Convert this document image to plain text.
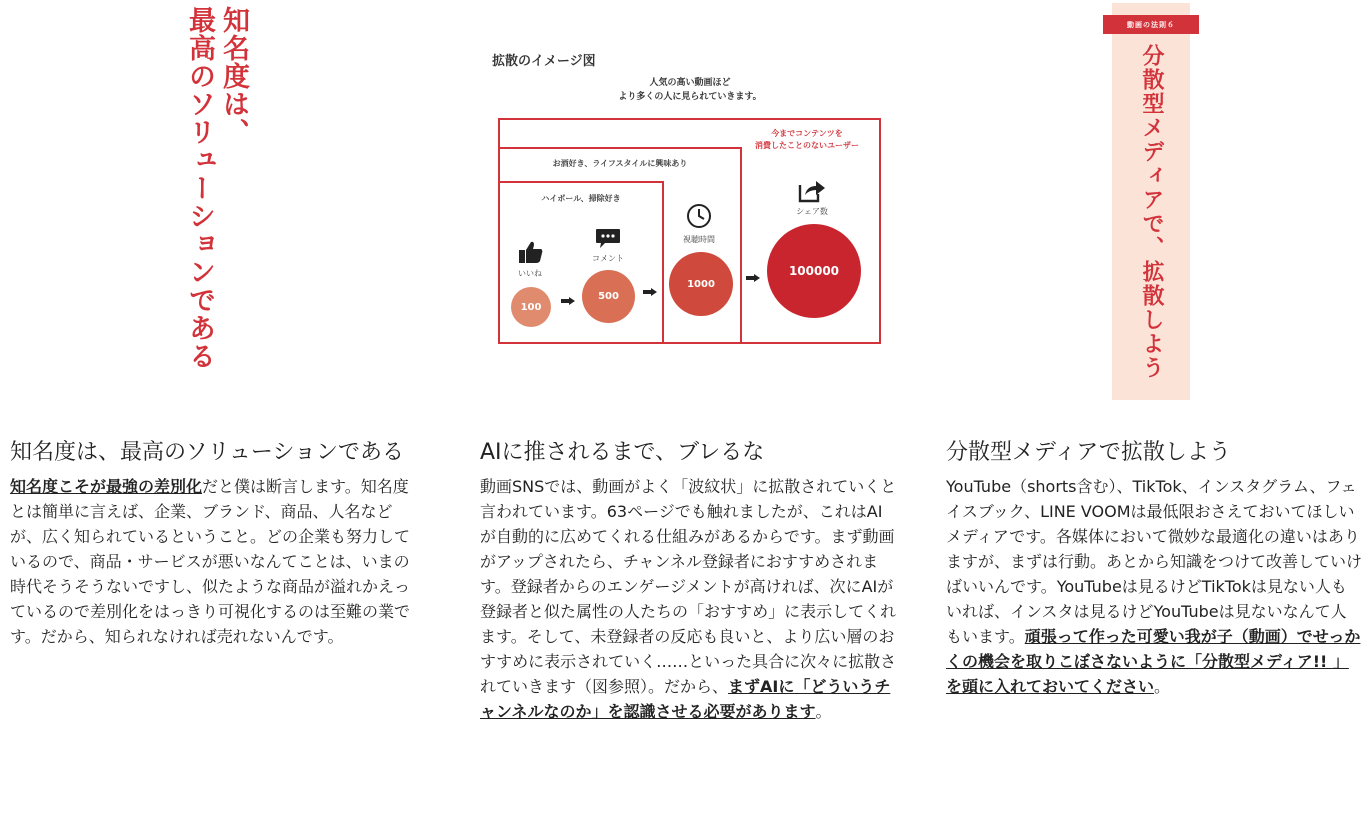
知名度は、
最高のソリューションである	拡散のイメージ図
人気の高い動画ほど
より多くの人に見られていきます。
今までコンテンツを
消費したことのないユーザー
お酒好き、ライフスタイルに興味あり
ハイボール、掃除好き
いいね
コメント
視聴時間
シェア数
100
500
1000
100000
動画の法則６
分散型メディアで、拡散しよう
知名度は、最高のソリューションである

知名度こそが最強の差別化だと僕は断言します。知名度とは簡単に言えば、企業、ブランド、商品、人名などが、広く知られているということ。どの企業も努力しているので、商品・サービスが悪いなんてことは、いまの時代そうそうないですし、似たような商品が溢れかえっているので差別化をはっきり可視化するのは至難の業です。だから、知られなければ売れないんです。

AIに推されるまで、ブレるな

動画SNSでは、動画がよく「波紋状」に拡散されていくと言われています。63ページでも触れましたが、これはAIが自動的に広めてくれる仕組みがあるからです。まず動画がアップされたら、チャンネル登録者におすすめされます。登録者からのエンゲージメントが高ければ、次にAIが登録者と似た属性の人たちの「おすすめ」に表示してくれます。そして、未登録者の反応も良いと、より広い層のおすすめに表示されていく……といった具合に次々に拡散されていきます（図参照）。だから、まずAIに「どういうチャンネルなのか」を認識させる必要があります。

分散型メディアで拡散しよう

YouTube（shorts含む）、TikTok、インスタグラム、フェイスブック、LINE VOOMは最低限おさえておいてほしいメディアです。各媒体において微妙な最適化の違いはありますが、まずは行動。あとから知識をつけて改善していけばいいんです。YouTubeは見るけどTikTokは見ない人もいれば、インスタは見るけどYouTubeは見ないなんて人もいます。頑張って作った可愛い我が子（動画）でせっかくの機会を取りこぼさないように「分散型メディア!! 」を頭に入れておいてください。
